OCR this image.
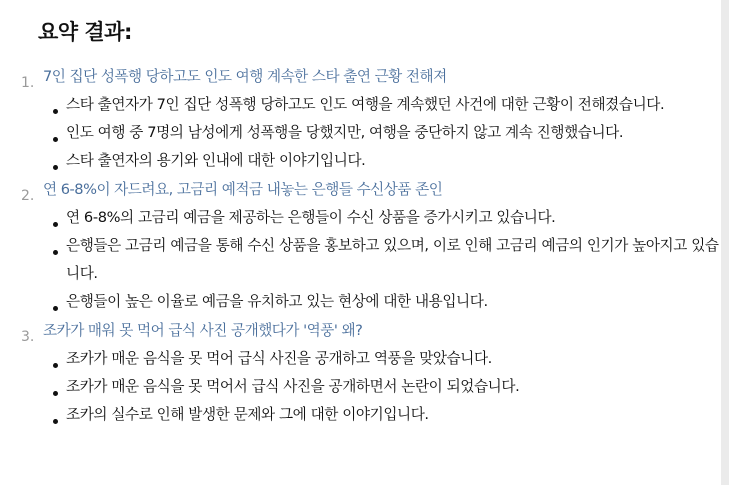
요약 결과:
1. 7인 집단 성폭행 당하고도 인도 여행 계속한 스타 출연 근황 전해져
스타 출연자가 7인 집단 성폭행 당하고도 인도 여행을 계속했던 사건에 대한 근황이 전해졌습니다.
인도 여행 중 7명의 남성에게 성폭행을 당했지만, 여행을 중단하지 않고 계속 진행했습니다.
스타 출연자의 용기와 인내에 대한 이야기입니다.
2. 연 6-8%이 자드려요, 고금리 예적금 내놓는 은행들 수신상품 존인
연 6-8%의 고금리 예금을 제공하는 은행들이 수신 상품을 증가시키고 있습니다.
은행들은 고금리 예금을 통해 수신 상품을 홍보하고 있으며, 이로 인해 고금리 예금의 인기가 높아지고 있습니다.
은행들이 높은 이율로 예금을 유치하고 있는 현상에 대한 내용입니다.
3. 조카가 매워 못 먹어 급식 사진 공개했다가 '역풍' 왜?
조카가 매운 음식을 못 먹어 급식 사진을 공개하고 역풍을 맞았습니다.
조카가 매운 음식을 못 먹어서 급식 사진을 공개하면서 논란이 되었습니다.
조카의 실수로 인해 발생한 문제와 그에 대한 이야기입니다.
